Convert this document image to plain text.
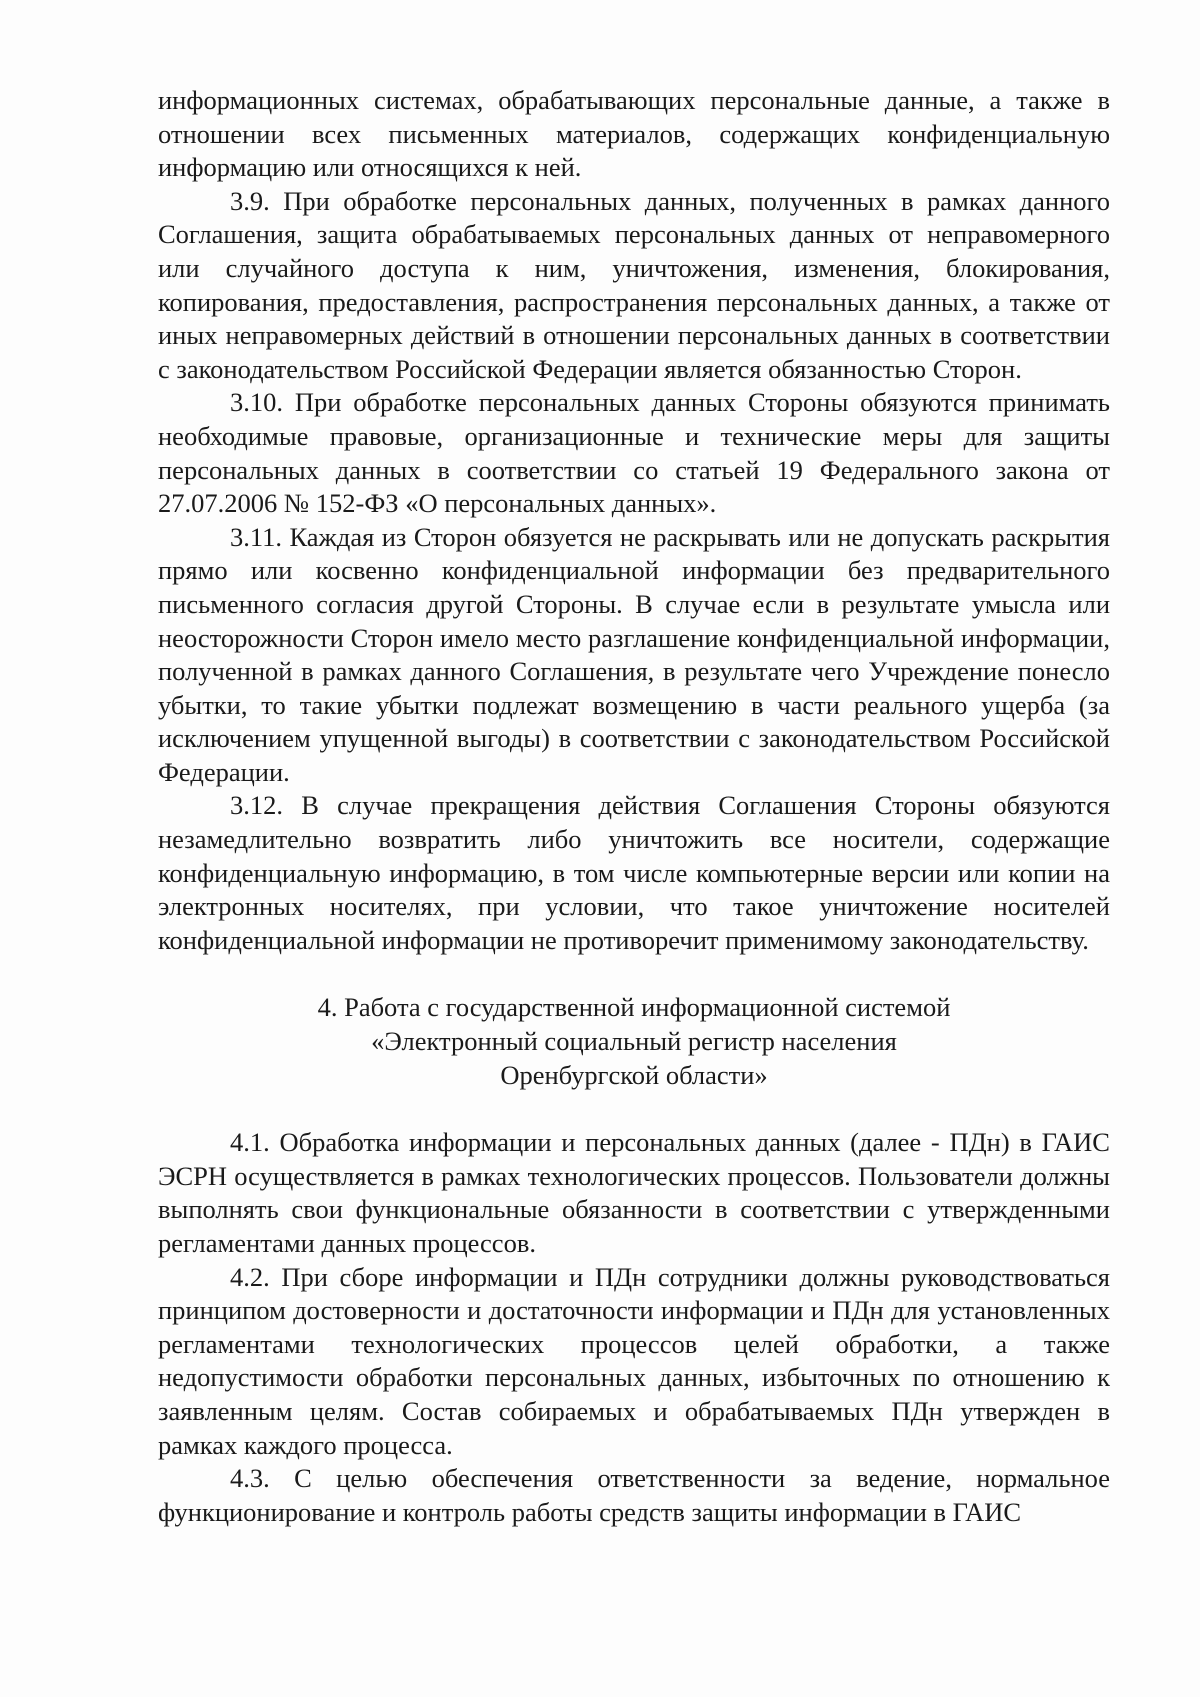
информационных системах, обрабатывающих персональные данные, а также в отношении всех письменных материалов, содержащих конфиденциальную информацию или относящихся к ней.

3.9. При обработке персональных данных, полученных в рамках данного Соглашения, защита обрабатываемых персональных данных от неправомерного или случайного доступа к ним, уничтожения, изменения, блокирования, копирования, предоставления, распространения персональных данных, а также от иных неправомерных действий в отношении персональных данных в соответствии с законодательством Российской Федерации является обязанностью Сторон.

3.10. При обработке персональных данных Стороны обязуются принимать необходимые правовые, организационные и технические меры для защиты персональных данных в соответствии со статьей 19 Федерального закона от 27.07.2006 № 152-ФЗ «О персональных данных».

3.11. Каждая из Сторон обязуется не раскрывать или не допускать раскрытия прямо или косвенно конфиденциальной информации без предварительного письменного согласия другой Стороны. В случае если в результате умысла или неосторожности Сторон имело место разглашение конфиденциальной информации, полученной в рамках данного Соглашения, в результате чего Учреждение понесло убытки, то такие убытки подлежат возмещению в части реального ущерба (за исключением упущенной выгоды) в соответствии с законодательством Российской Федерации.

3.12. В случае прекращения действия Соглашения Стороны обязуются незамедлительно возвратить либо уничтожить все носители, содержащие конфиденциальную информацию, в том числе компьютерные версии или копии на электронных носителях, при условии, что такое уничтожение носителей конфиденциальной информации не противоречит применимому законодательству.

4. Работа с государственной информационной системой
«Электронный социальный регистр населения
Оренбургской области»

4.1. Обработка информации и персональных данных (далее - ПДн) в ГАИС ЭСРН осуществляется в рамках технологических процессов. Пользователи должны выполнять свои функциональные обязанности в соответствии с утвержденными регламентами данных процессов.

4.2. При сборе информации и ПДн сотрудники должны руководствоваться принципом достоверности и достаточности информации и ПДн для установленных регламентами технологических процессов целей обработки, а также недопустимости обработки персональных данных, избыточных по отношению к заявленным целям. Состав собираемых и обрабатываемых ПДн утвержден в рамках каждого процесса.

4.3. С целью обеспечения ответственности за ведение, нормальное функционирование и контроль работы средств защиты информации в ГАИС
